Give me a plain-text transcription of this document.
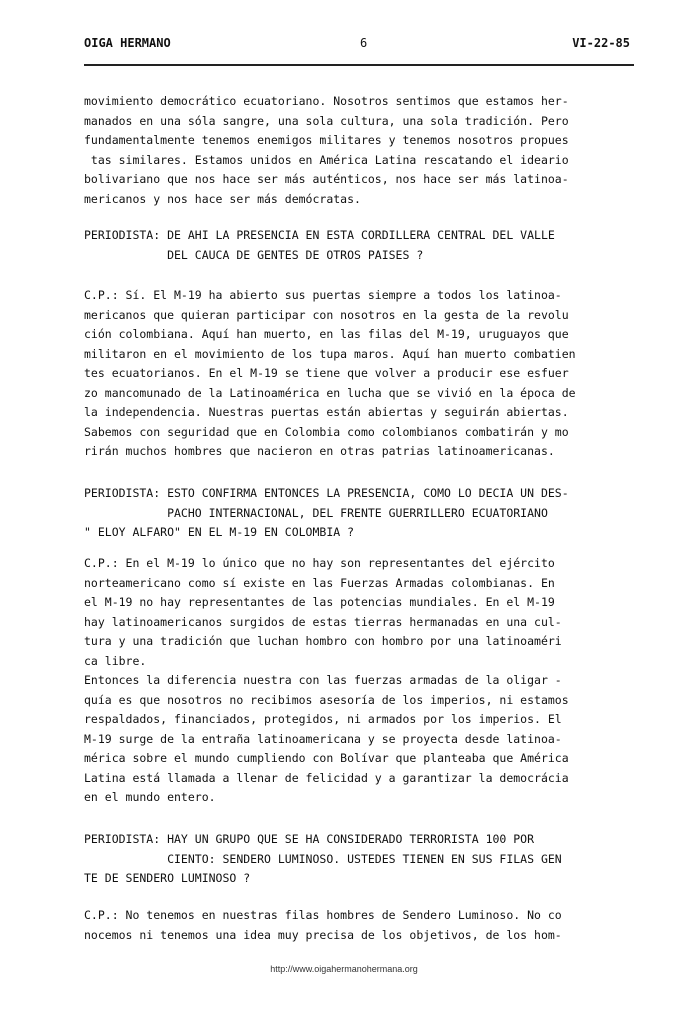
OIGA HERMANO	6	VI-22-85
movimiento democrático ecuatoriano. Nosotros sentimos que estamos her-
manados en una sóla sangre, una sola cultura, una sola tradición. Pero
fundamentalmente tenemos enemigos militares y tenemos nosotros propues
tas similares. Estamos unidos en América Latina rescatando el ideario
bolivariano que nos hace ser más auténticos, nos hace ser más latinoa-
mericanos y nos hace ser más demócratas.
PERIODISTA: DE AHI LA PRESENCIA EN ESTA CORDILLERA CENTRAL DEL VALLE
DEL CAUCA DE GENTES DE OTROS PAISES ?
C.P.: Sí. El M-19 ha abierto sus puertas siempre a todos los latinoa-
mericanos que quieran participar con nosotros en la gesta de la revolu
ción colombiana. Aquí han muerto, en las filas del M-19, uruguayos que
militaron en el movimiento de los tupa maros. Aquí han muerto combatien
tes ecuatorianos. En el M-19 se tiene que volver a producir ese esfuer
zo mancomunado de la Latinoamérica en lucha que se vivió en la época de
la independencia. Nuestras puertas están abiertas y seguirán abiertas.
Sabemos con seguridad que en Colombia como colombianos combatirán y mo
rirán muchos hombres que nacieron en otras patrias latinoamericanas.
PERIODISTA: ESTO CONFIRMA ENTONCES LA PRESENCIA, COMO LO DECIA UN DES-
PACHO INTERNACIONAL, DEL FRENTE GUERRILLERO ECUATORIANO
" ELOY ALFARO" EN EL M-19 EN COLOMBIA ?
C.P.: En el M-19 lo único que no hay son representantes del ejército
norteamericano como sí existe en las Fuerzas Armadas colombianas. En
el M-19 no hay representantes de las potencias mundiales. En el M-19
hay latinoamericanos surgidos de estas tierras hermanadas en una cul-
tura y una tradición que luchan hombro con hombro por una latinoaméri
ca libre.
Entonces la diferencia nuestra con las fuerzas armadas de la oligar -
quía es que nosotros no recibimos asesoría de los imperios, ni estamos
respaldados, financiados, protegidos, ni armados por los imperios. El
M-19 surge de la entraña latinoamericana y se proyecta desde latinoa-
mérica sobre el mundo cumpliendo con Bolívar que planteaba que América
Latina está llamada a llenar de felicidad y a garantizar la democrácia
en el mundo entero.
PERIODISTA: HAY UN GRUPO QUE SE HA CONSIDERADO TERRORISTA 100 POR
CIENTO: SENDERO LUMINOSO. USTEDES TIENEN EN SUS FILAS GEN
TE DE SENDERO LUMINOSO ?
C.P.: No tenemos en nuestras filas hombres de Sendero Luminoso. No co
nocemos ni tenemos una idea muy precisa de los objetivos, de los hom-
http://www.oigahermanohermana.org
